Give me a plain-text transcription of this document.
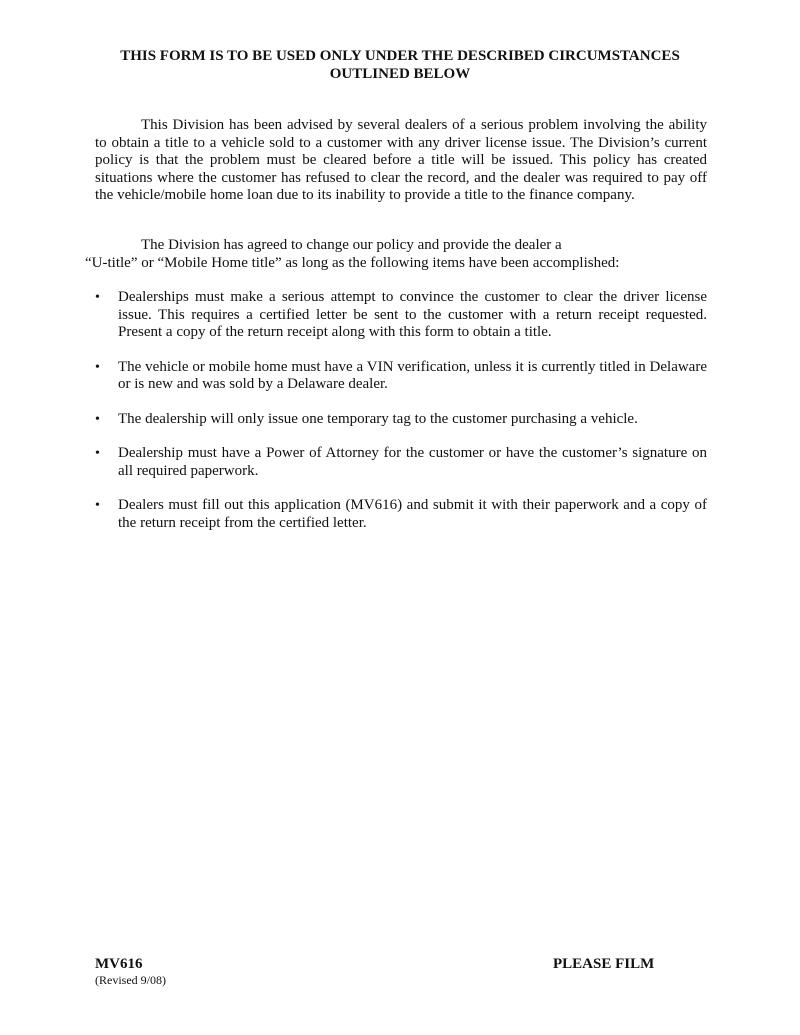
THIS FORM IS TO BE USED ONLY UNDER THE DESCRIBED CIRCUMSTANCES
OUTLINED BELOW
This Division has been advised by several dealers of a serious problem involving the ability to obtain a title to a vehicle sold to a customer with any driver license issue. The Division’s current policy is that the problem must be cleared before a title will be issued. This policy has created situations where the customer has refused to clear the record, and the dealer was required to pay off the vehicle/mobile home loan due to its inability to provide a title to the finance company.
The Division has agreed to change our policy and provide the dealer a
“U-title” or “Mobile Home title” as long as the following items have been accomplished:
•	Dealerships must make a serious attempt to convince the customer to clear the driver license issue. This requires a certified letter be sent to the customer with a return receipt requested. Present a copy of the return receipt along with this form to obtain a title.
•	The vehicle or mobile home must have a VIN verification, unless it is currently titled in Delaware or is new and was sold by a Delaware dealer.
•	The dealership will only issue one temporary tag to the customer purchasing a vehicle.
•	Dealership must have a Power of Attorney for the customer or have the customer’s signature on all required paperwork.
•	Dealers must fill out this application (MV616) and submit it with their paperwork and a copy of the return receipt from the certified letter.
MV616
(Revised 9/08)
PLEASE FILM
